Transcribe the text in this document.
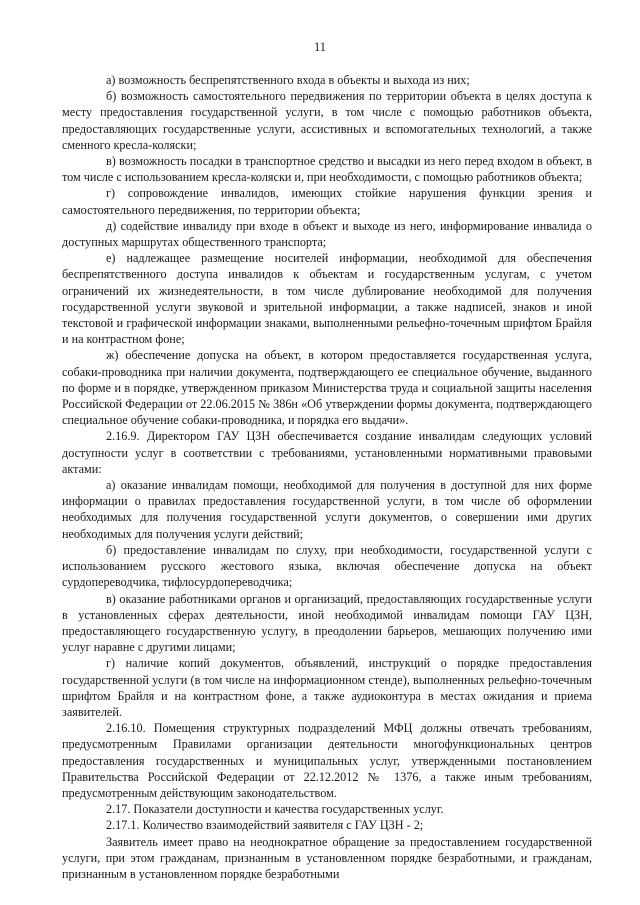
11

а) возможность беспрепятственного входа в объекты и выхода из них;

б) возможность самостоятельного передвижения по территории объекта в целях доступа к месту предоставления государственной услуги, в том числе с помощью работников объекта, предоставляющих государственные услуги, ассистивных и вспомогательных технологий, а также сменного кресла-коляски;

в) возможность посадки в транспортное средство и высадки из него перед входом в объект, в том числе с использованием кресла-коляски и, при необходимости, с помощью работников объекта;

г) сопровождение инвалидов, имеющих стойкие нарушения функции зрения и самостоятельного передвижения, по территории объекта;

д) содействие инвалиду при входе в объект и выходе из него, информирование инвалида о доступных маршрутах общественного транспорта;

е) надлежащее размещение носителей информации, необходимой для обеспечения беспрепятственного доступа инвалидов к объектам и государственным услугам, с учетом ограничений их жизнедеятельности, в том числе дублирование необходимой для получения государственной услуги звуковой и зрительной информации, а также надписей, знаков и иной текстовой и графической информации знаками, выполненными рельефно-точечным шрифтом Брайля и на контрастном фоне;

ж) обеспечение допуска на объект, в котором предоставляется государственная услуга, собаки-проводника при наличии документа, подтверждающего ее специальное обучение, выданного по форме и в порядке, утвержденном приказом Министерства труда и социальной защиты населения Российской Федерации от 22.06.2015 № 386н «Об утверждении формы документа, подтверждающего специальное обучение собаки-проводника, и порядка его выдачи».

2.16.9. Директором ГАУ ЦЗН обеспечивается создание инвалидам следующих условий доступности услуг в соответствии с требованиями, установленными нормативными правовыми актами:

а) оказание инвалидам помощи, необходимой для получения в доступной для них форме информации о правилах предоставления государственной услуги, в том числе об оформлении необходимых для получения государственной услуги документов, о совершении ими других необходимых для получения услуги действий;

б) предоставление инвалидам по слуху, при необходимости, государственной услуги с использованием русского жестового языка, включая обеспечение допуска на объект сурдопереводчика, тифлосурдопереводчика;

в) оказание работниками органов и организаций, предоставляющих государственные услуги в установленных сферах деятельности, иной необходимой инвалидам помощи ГАУ ЦЗН, предоставляющего государственную услугу, в преодолении барьеров, мешающих получению ими услуг наравне с другими лицами;

г) наличие копий документов, объявлений, инструкций о порядке предоставления государственной услуги (в том числе на информационном стенде), выполненных рельефно-точечным шрифтом Брайля и на контрастном фоне, а также аудиоконтура в местах ожидания и приема заявителей.

2.16.10. Помещения структурных подразделений МФЦ должны отвечать требованиям, предусмотренным Правилами организации деятельности многофункциональных центров предоставления государственных и муниципальных услуг, утвержденными постановлением Правительства Российской Федерации от 22.12.2012 № 1376, а также иным требованиям, предусмотренным действующим законодательством.

2.17. Показатели доступности и качества государственных услуг.

2.17.1. Количество взаимодействий заявителя с ГАУ ЦЗН - 2;

Заявитель имеет право на неоднократное обращение за предоставлением государственной услуги, при этом гражданам, признанным в установленном порядке безработными, и гражданам, признанным в установленном порядке безработными
